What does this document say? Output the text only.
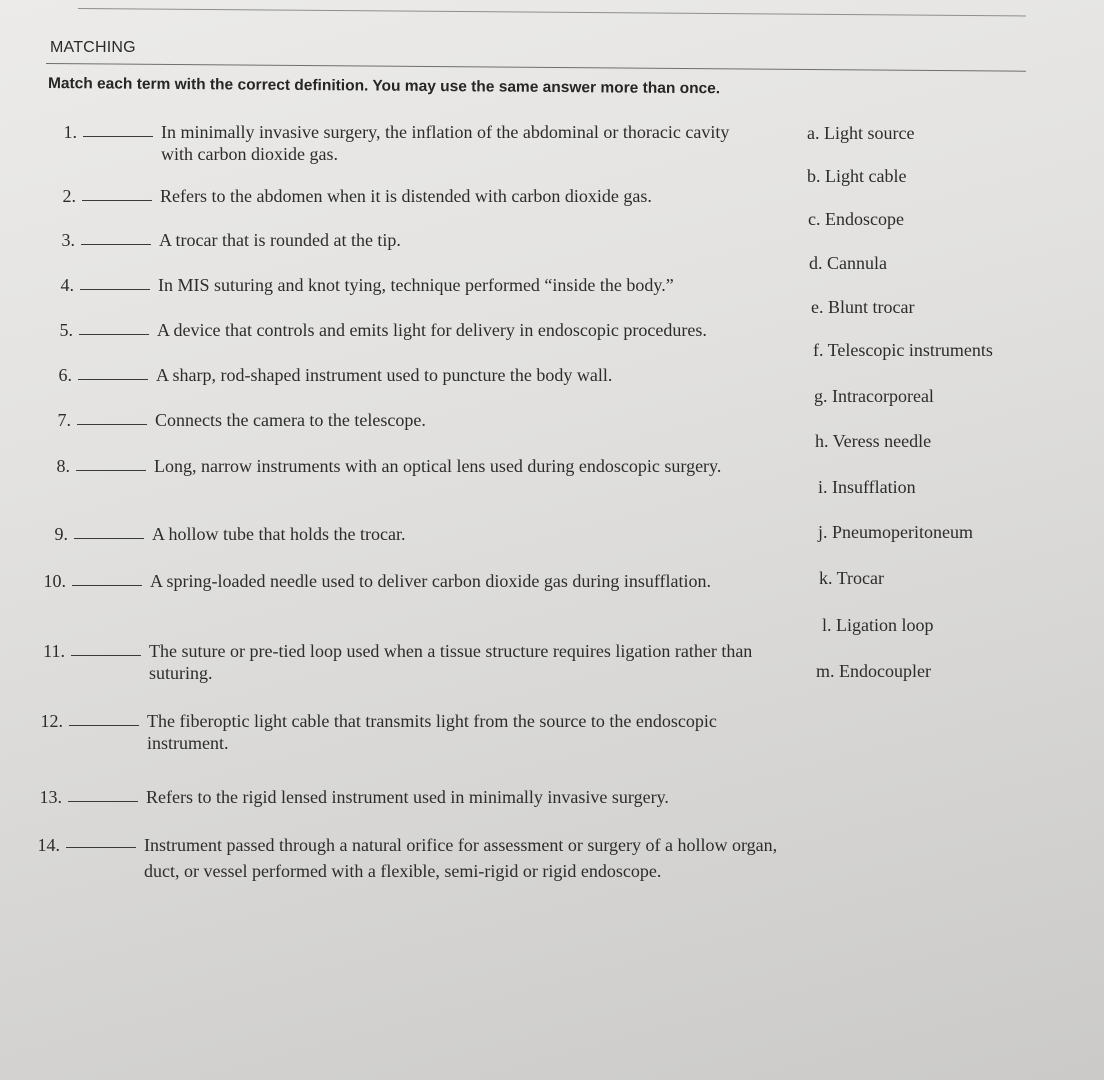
MATCHING
Match each term with the correct definition. You may use the same answer more than once.
1.	In minimally invasive surgery, the inflation of the abdominal or thoracic cavity with carbon dioxide gas.
2.	Refers to the abdomen when it is distended with carbon dioxide gas.
3.	A trocar that is rounded at the tip.
4.	In MIS suturing and knot tying, technique performed “inside the body.”
5.	A device that controls and emits light for delivery in endoscopic procedures.
6.	A sharp, rod-shaped instrument used to puncture the body wall.
7.	Connects the camera to the telescope.
8.	Long, narrow instruments with an optical lens used during endoscopic surgery.
9.	A hollow tube that holds the trocar.
10.	A spring-loaded needle used to deliver carbon dioxide gas during insufflation.
11.	The suture or pre-tied loop used when a tissue structure requires ligation rather than suturing.
12.	The fiberoptic light cable that transmits light from the source to the endoscopic instrument.
13.	Refers to the rigid lensed instrument used in minimally invasive surgery.
14.	Instrument passed through a natural orifice for assessment or surgery of a hollow organ, duct, or vessel performed with a flexible, semi-rigid or rigid endoscope.
a. Light source
b. Light cable
c. Endoscope
d. Cannula
e. Blunt trocar
f. Telescopic instruments
g. Intracorporeal
h. Veress needle
i. Insufflation
j. Pneumoperitoneum
k. Trocar
l. Ligation loop
m. Endocoupler
